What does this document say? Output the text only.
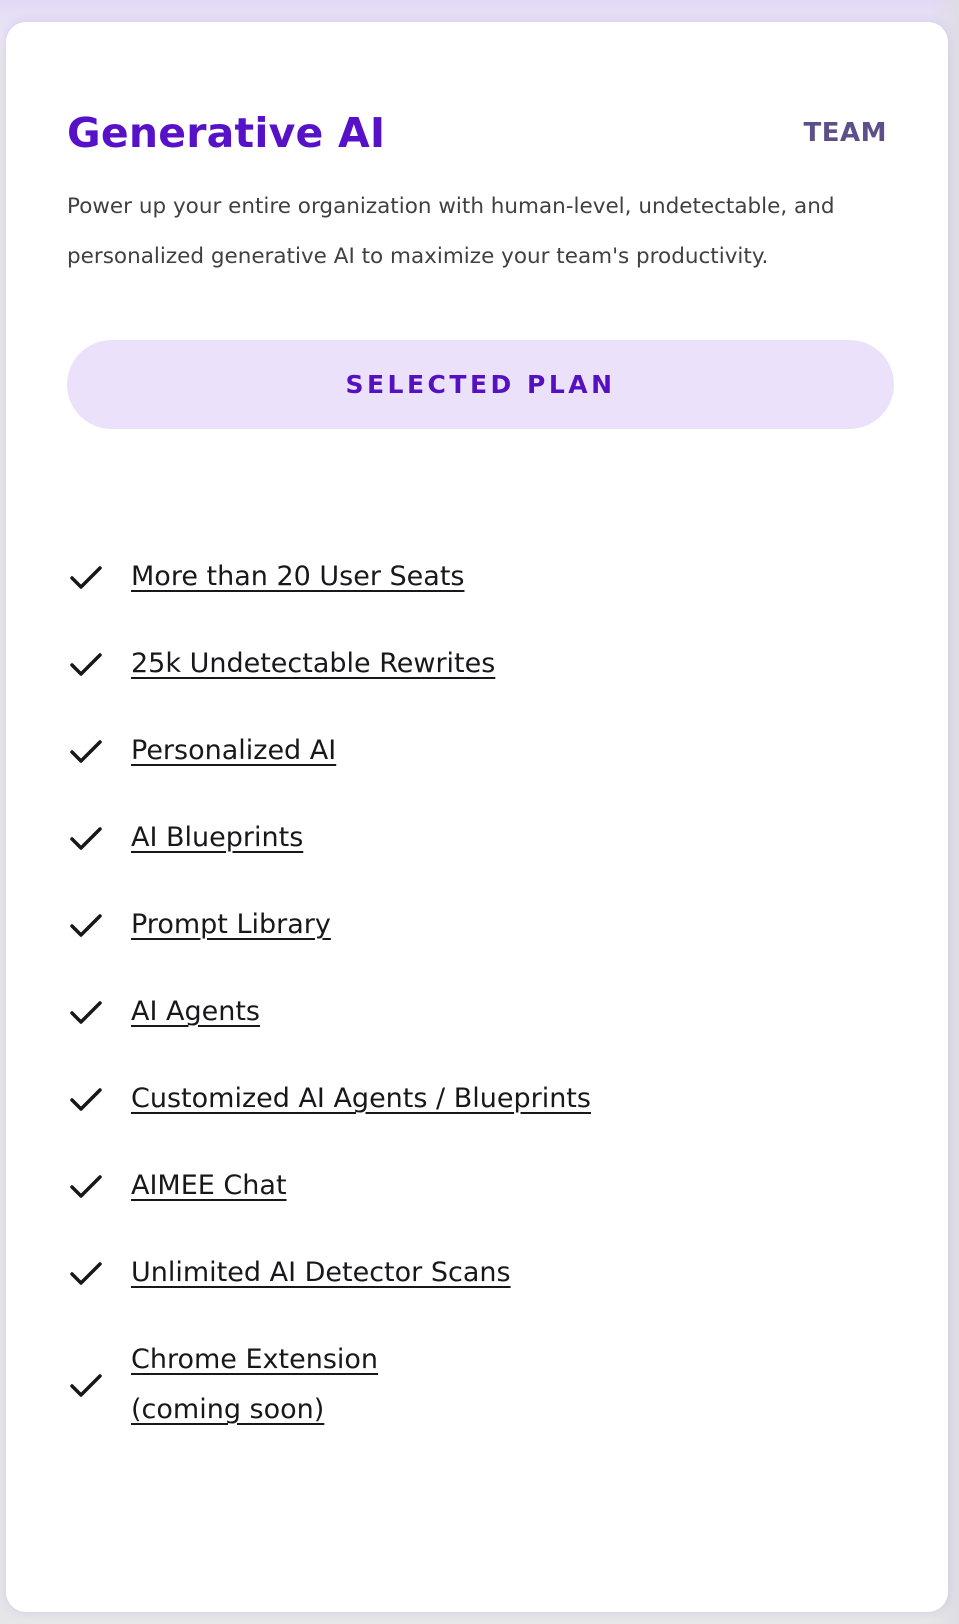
Generative AI	TEAM

Power up your entire organization with human-level, undetectable, and personalized generative AI to maximize your team's productivity.

SELECTED PLAN
More than 20 User Seats
25k Undetectable Rewrites
Personalized AI
AI Blueprints
Prompt Library
AI Agents
Customized AI Agents / Blueprints
AIMEE Chat
Unlimited AI Detector Scans
Chrome Extension (coming soon)
